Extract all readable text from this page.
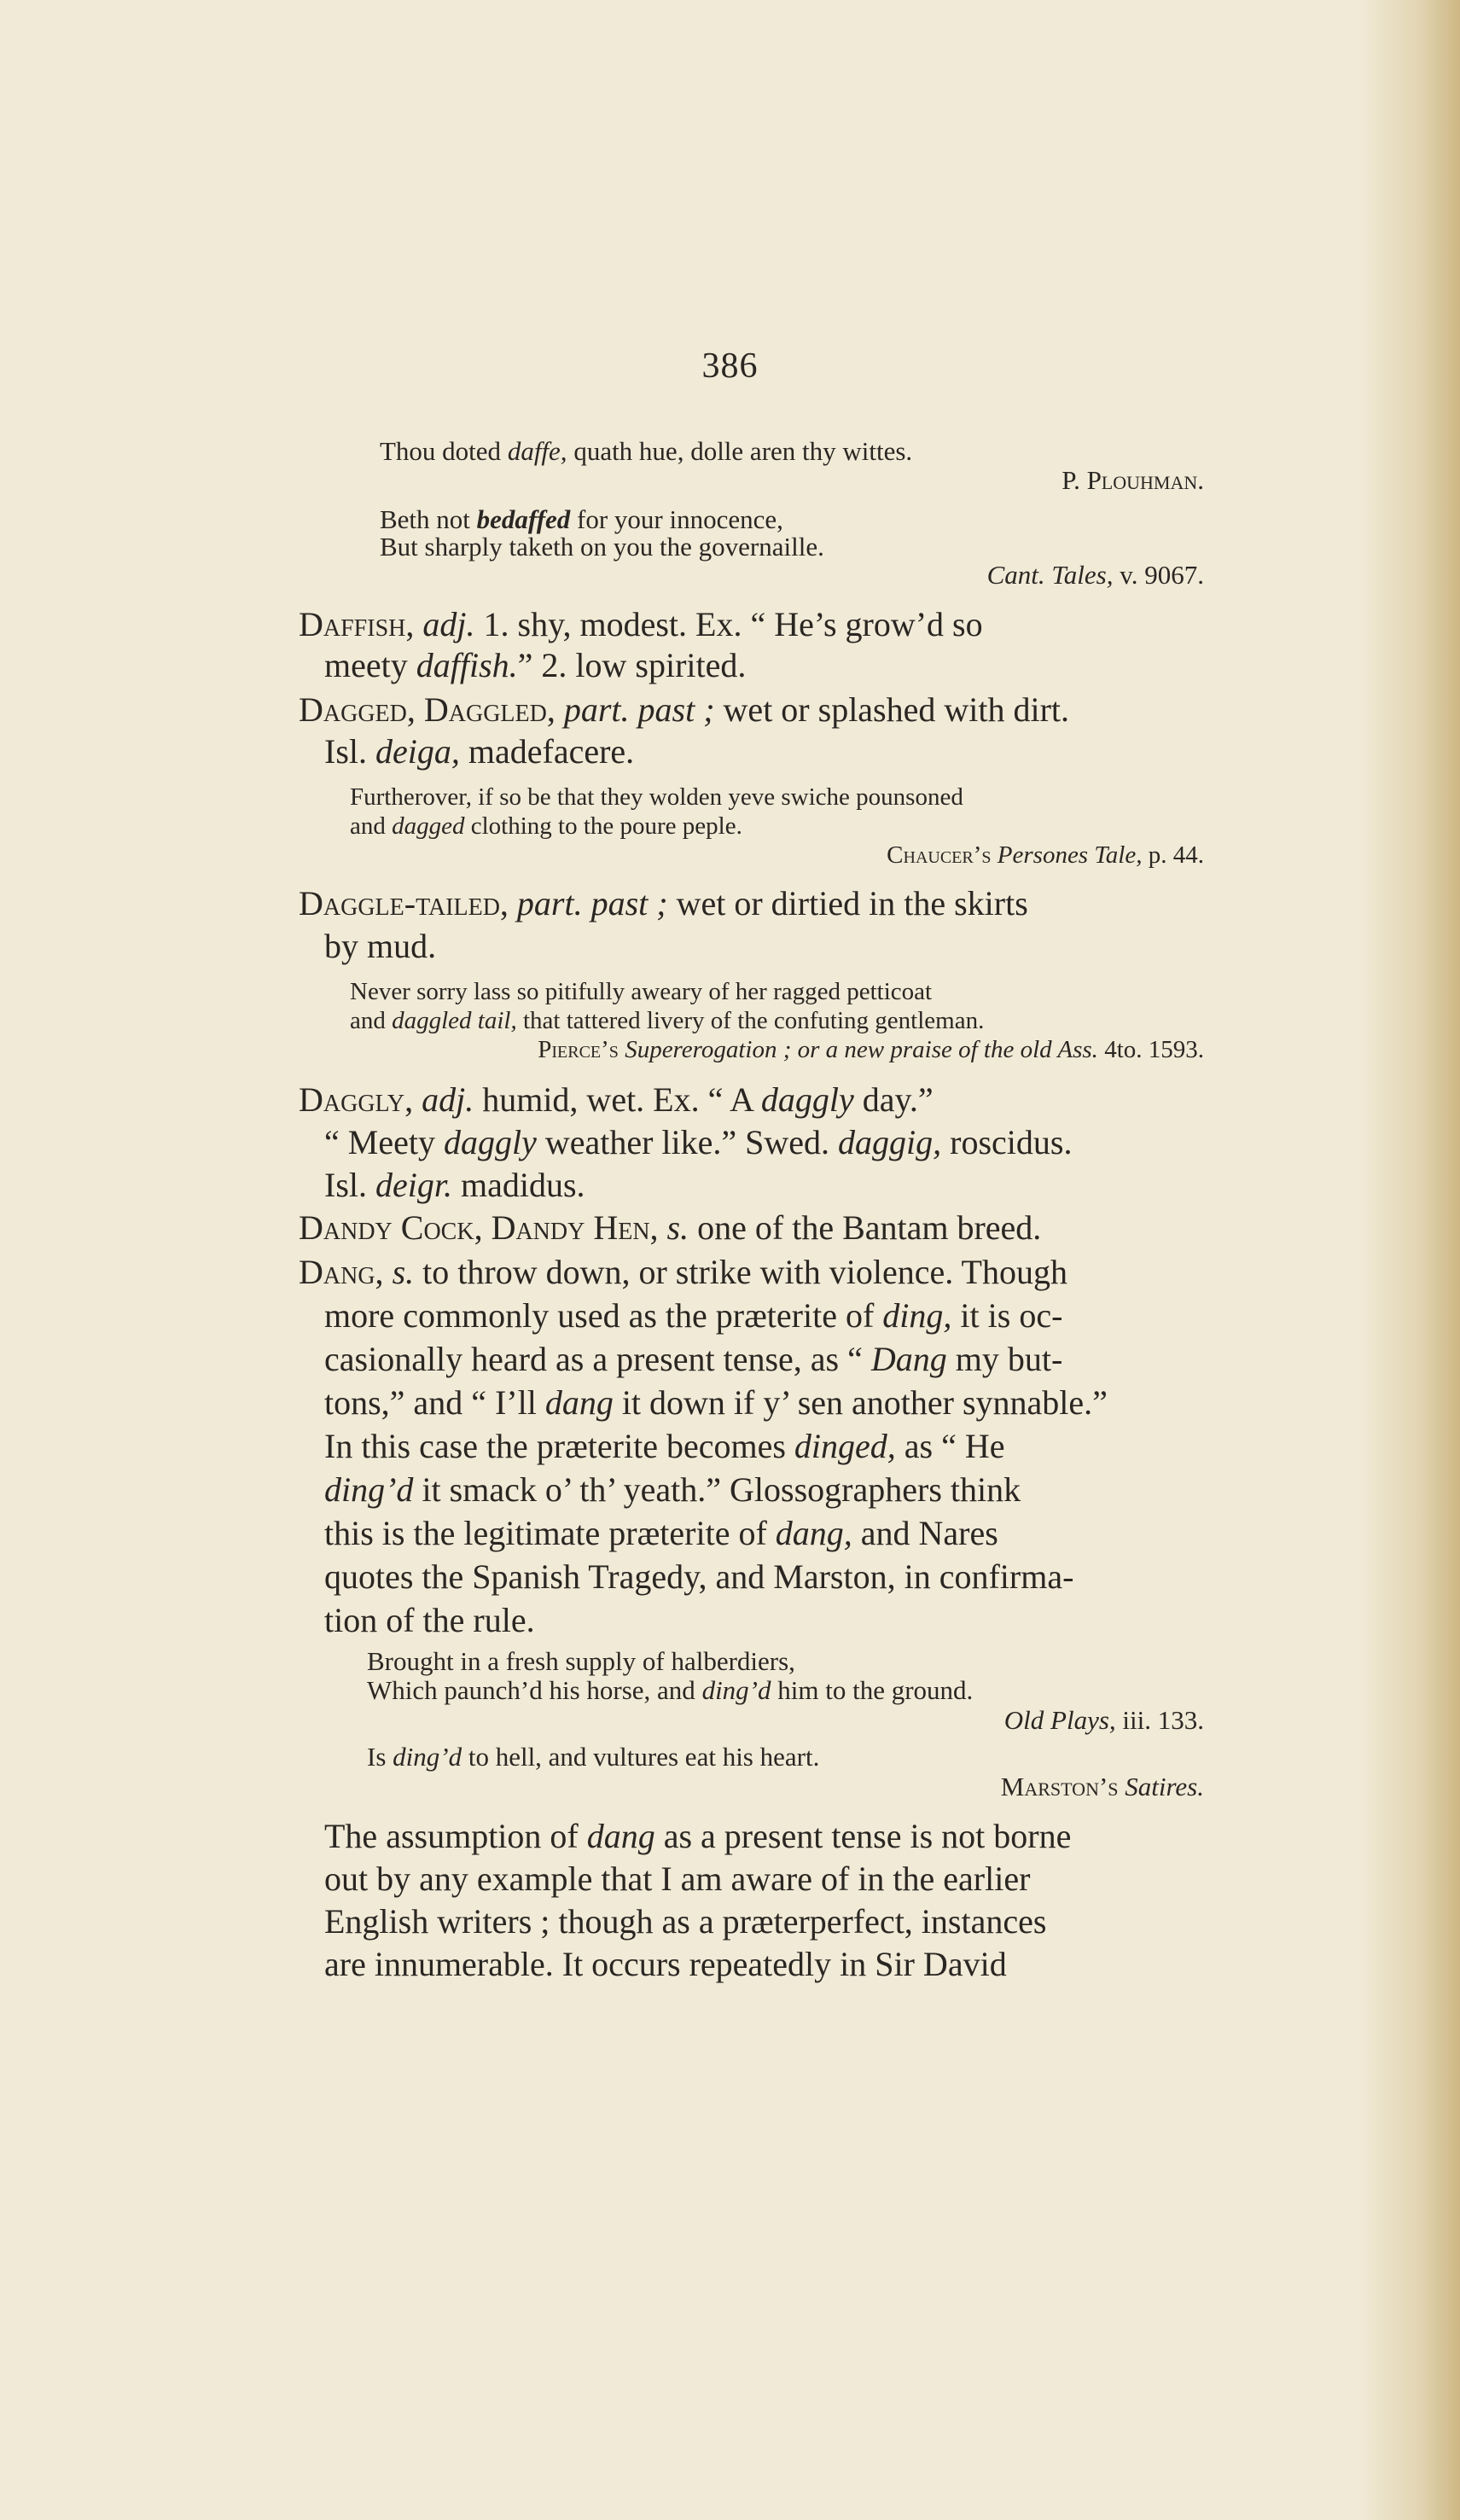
386
Thou doted daffe, quath hue, dolle aren thy wittes.
P. Plouhman.
Beth not bedaffed for your innocence,
But sharply taketh on you the governaille.
Cant. Tales, v. 9067.
Daffish, adj. 1. shy, modest. Ex. “ He’s grow’d so
meety daffish.” 2. low spirited.
Dagged, Daggled, part. past ; wet or splashed with dirt.
Isl. deiga, madefacere.
Furtherover, if so be that they wolden yeve swiche pounsoned
and dagged clothing to the poure peple.
Chaucer’s Persones Tale, p. 44.
Daggle-tailed, part. past ; wet or dirtied in the skirts
by mud.
Never sorry lass so pitifully aweary of her ragged petticoat
and daggled tail, that tattered livery of the confuting gentleman.
Pierce’s Supererogation ; or a new praise of the old Ass. 4to. 1593.
Daggly, adj. humid, wet. Ex. “ A daggly day.”
“ Meety daggly weather like.” Swed. daggig, roscidus.
Isl. deigr. madidus.
Dandy Cock, Dandy Hen, s. one of the Bantam breed.
Dang, s. to throw down, or strike with violence. Though
more commonly used as the præterite of ding, it is oc-
casionally heard as a present tense, as “ Dang my but-
tons,” and “ I’ll dang it down if y’ sen another synnable.”
In this case the præterite becomes dinged, as “ He
ding’d it smack o’ th’ yeath.” Glossographers think
this is the legitimate præterite of dang, and Nares
quotes the Spanish Tragedy, and Marston, in confirma-
tion of the rule.
Brought in a fresh supply of halberdiers,
Which paunch’d his horse, and ding’d him to the ground.
Old Plays, iii. 133.
Is ding’d to hell, and vultures eat his heart.
Marston’s Satires.
The assumption of dang as a present tense is not borne
out by any example that I am aware of in the earlier
English writers ; though as a præterperfect, instances
are innumerable. It occurs repeatedly in Sir David
